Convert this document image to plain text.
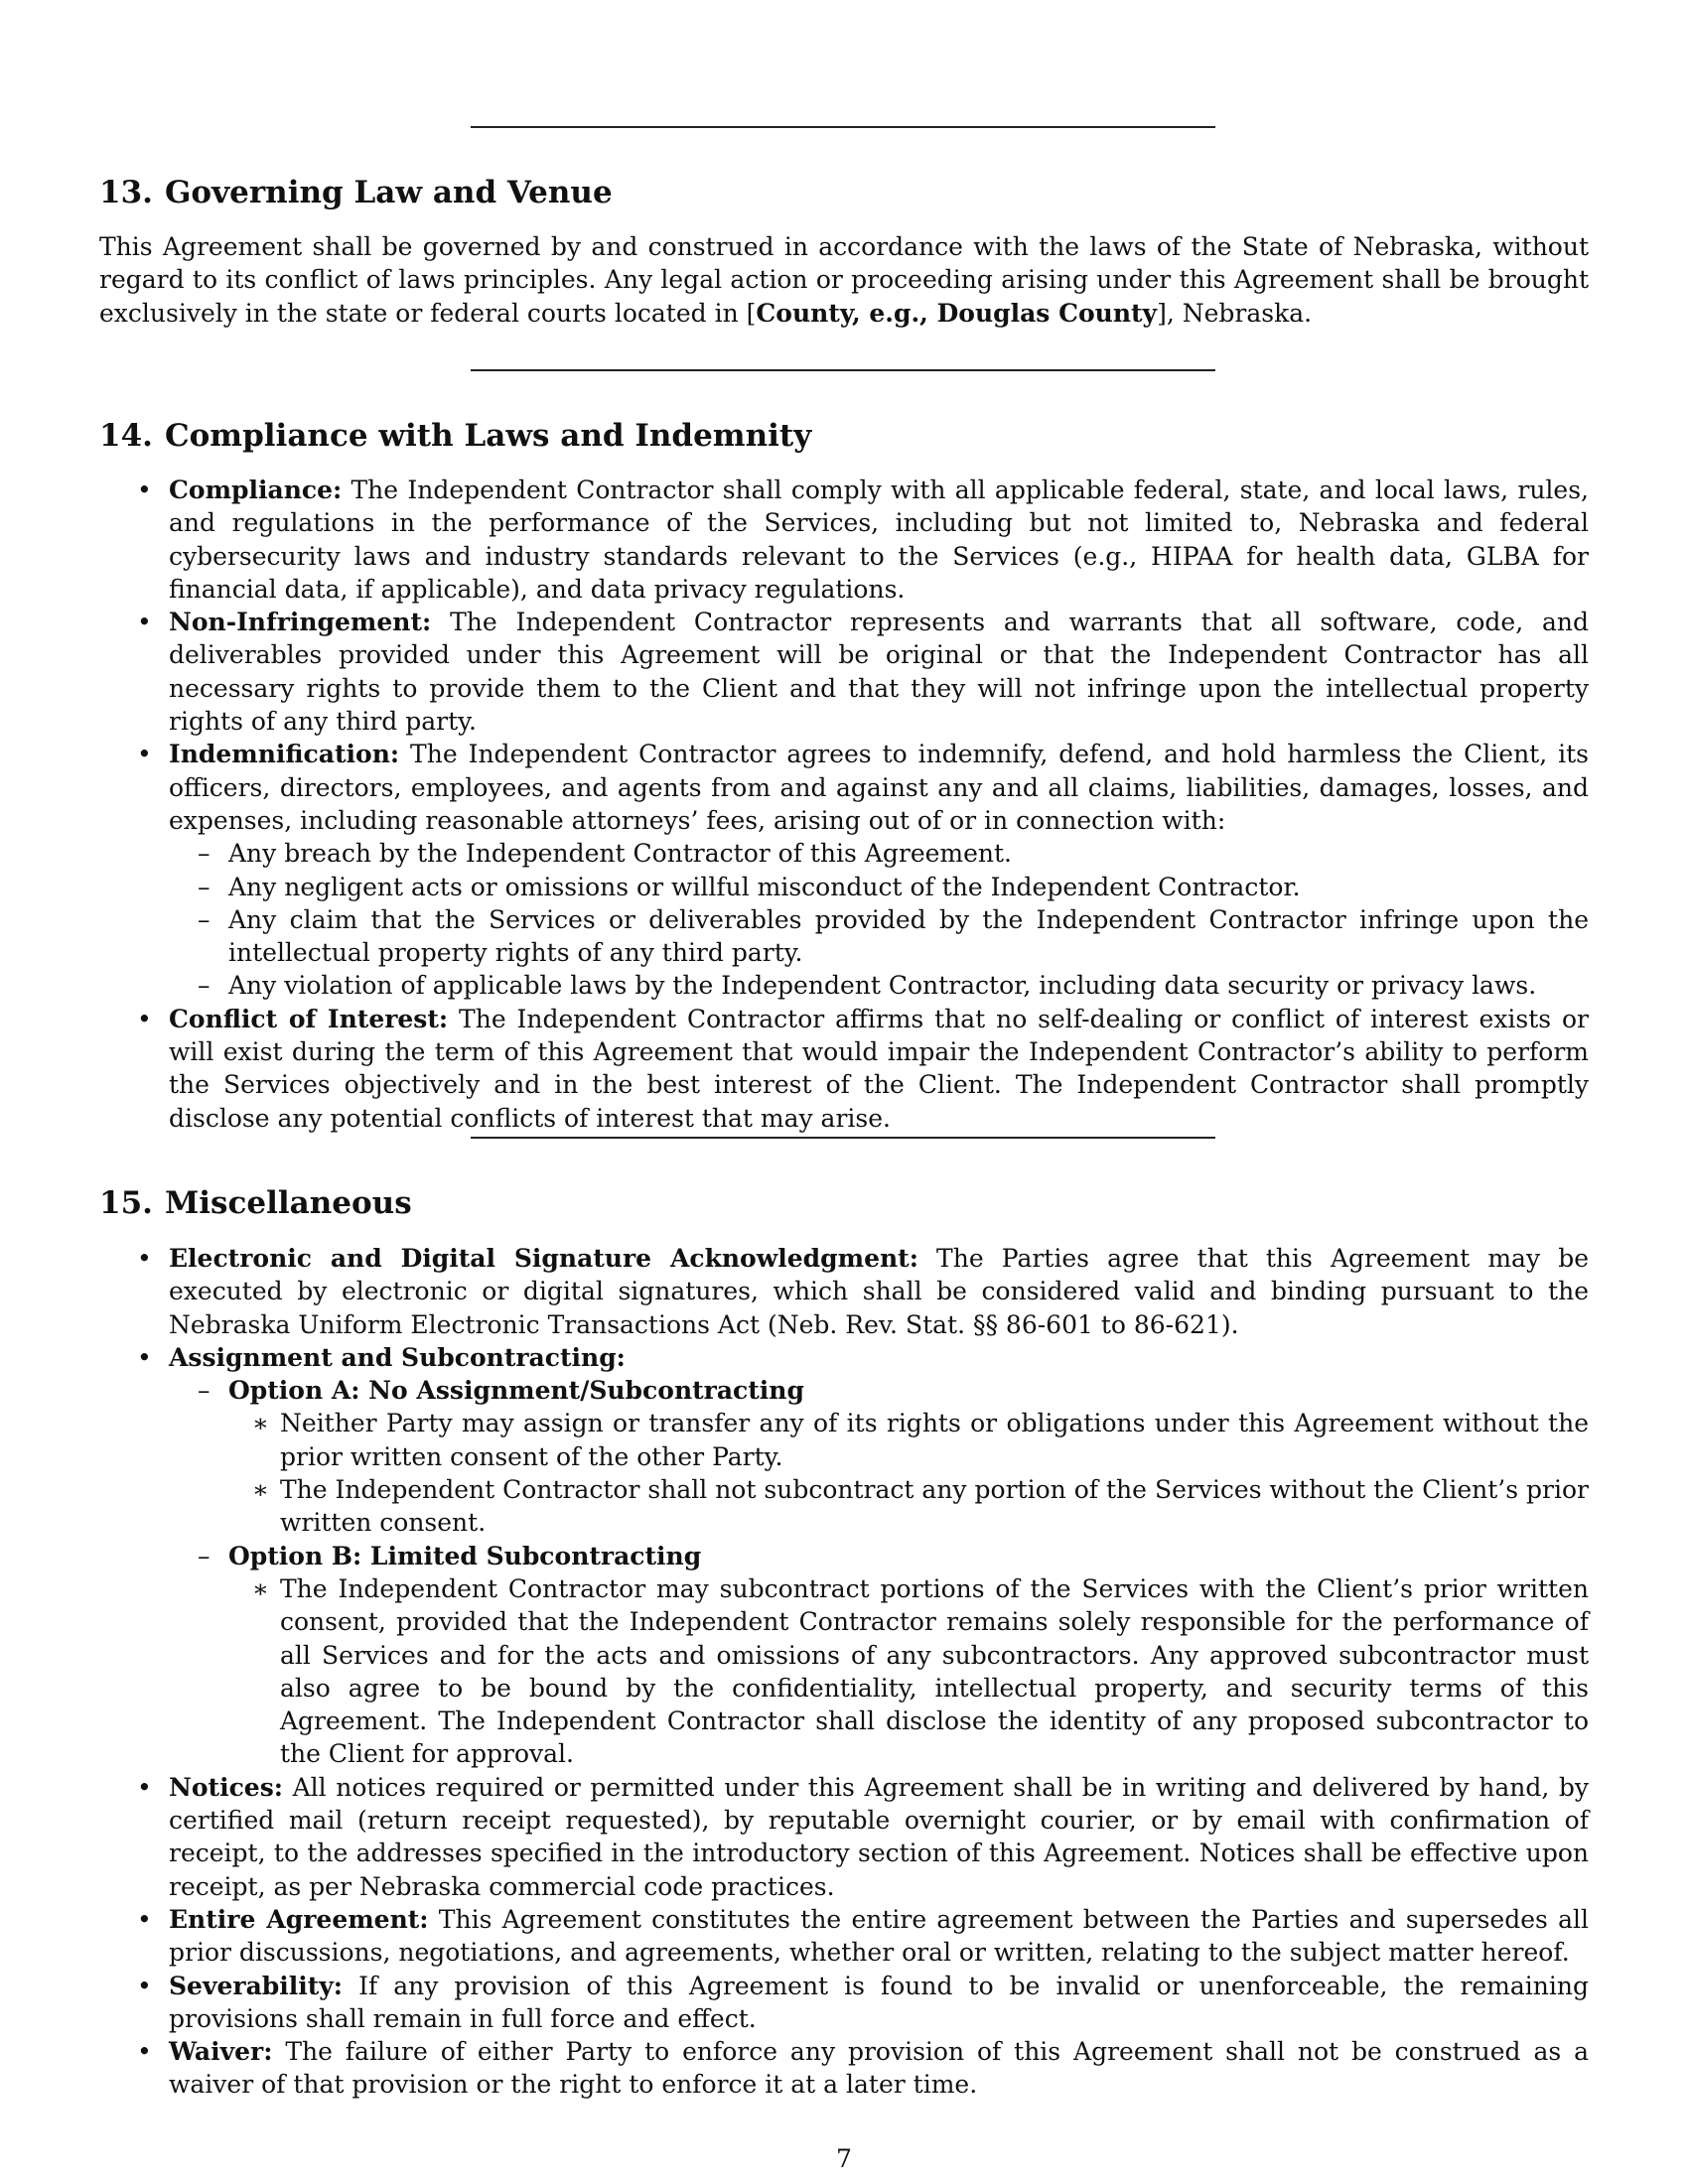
13. Governing Law and Venue

This Agreement shall be governed by and construed in accordance with the laws of the State of Nebraska, without regard to its conflict of laws principles. Any legal action or proceeding arising under this Agreement shall be brought exclusively in the state or federal courts located in [County, e.g., Douglas County], Nebraska.

14. Compliance with Laws and Indemnity
• Compliance: The Independent Contractor shall comply with all applicable federal, state, and local laws, rules, and regulations in the performance of the Services, including but not limited to, Nebraska and federal cybersecurity laws and industry standards relevant to the Services (e.g., HIPAA for health data, GLBA for financial data, if applicable), and data privacy regulations.
• Non-Infringement: The Independent Contractor represents and warrants that all software, code, and deliverables provided under this Agreement will be original or that the Independent Contractor has all necessary rights to provide them to the Client and that they will not infringe upon the intellectual property rights of any third party.
• Indemnification: The Independent Contractor agrees to indemnify, defend, and hold harmless the Client, its officers, directors, employees, and agents from and against any and all claims, liabilities, damages, losses, and expenses, including reasonable attorneys’ fees, arising out of or in connection with:
– Any breach by the Independent Contractor of this Agreement.
– Any negligent acts or omissions or willful misconduct of the Independent Contractor.
– Any claim that the Services or deliverables provided by the Independent Contractor infringe upon the intellectual property rights of any third party.
– Any violation of applicable laws by the Independent Contractor, including data security or privacy laws.
• Conflict of Interest: The Independent Contractor affirms that no self-dealing or conflict of interest exists or will exist during the term of this Agreement that would impair the Independent Contractor’s ability to perform the Services objectively and in the best interest of the Client. The Independent Contractor shall promptly disclose any potential conflicts of interest that may arise.
15. Miscellaneous
• Electronic and Digital Signature Acknowledgment: The Parties agree that this Agreement may be executed by electronic or digital signatures, which shall be considered valid and binding pursuant to the Nebraska Uniform Electronic Transactions Act (Neb. Rev. Stat. §§ 86-601 to 86-621).
• Assignment and Subcontracting:
– Option A: No Assignment/Subcontracting
∗ Neither Party may assign or transfer any of its rights or obligations under this Agreement without the prior written consent of the other Party.
∗ The Independent Contractor shall not subcontract any portion of the Services without the Client’s prior written consent.
– Option B: Limited Subcontracting
∗ The Independent Contractor may subcontract portions of the Services with the Client’s prior written consent, provided that the Independent Contractor remains solely responsible for the performance of all Services and for the acts and omissions of any subcontractors. Any approved subcontractor must also agree to be bound by the confidentiality, intellectual property, and security terms of this Agreement. The Independent Contractor shall disclose the identity of any proposed subcontractor to the Client for approval.
• Notices: All notices required or permitted under this Agreement shall be in writing and delivered by hand, by certified mail (return receipt requested), by reputable overnight courier, or by email with confirmation of receipt, to the addresses specified in the introductory section of this Agreement. Notices shall be effective upon receipt, as per Nebraska commercial code practices.
• Entire Agreement: This Agreement constitutes the entire agreement between the Parties and supersedes all prior discussions, negotiations, and agreements, whether oral or written, relating to the subject matter hereof.
• Severability: If any provision of this Agreement is found to be invalid or unenforceable, the remaining provisions shall remain in full force and effect.
• Waiver: The failure of either Party to enforce any provision of this Agreement shall not be construed as a waiver of that provision or the right to enforce it at a later time.
7
